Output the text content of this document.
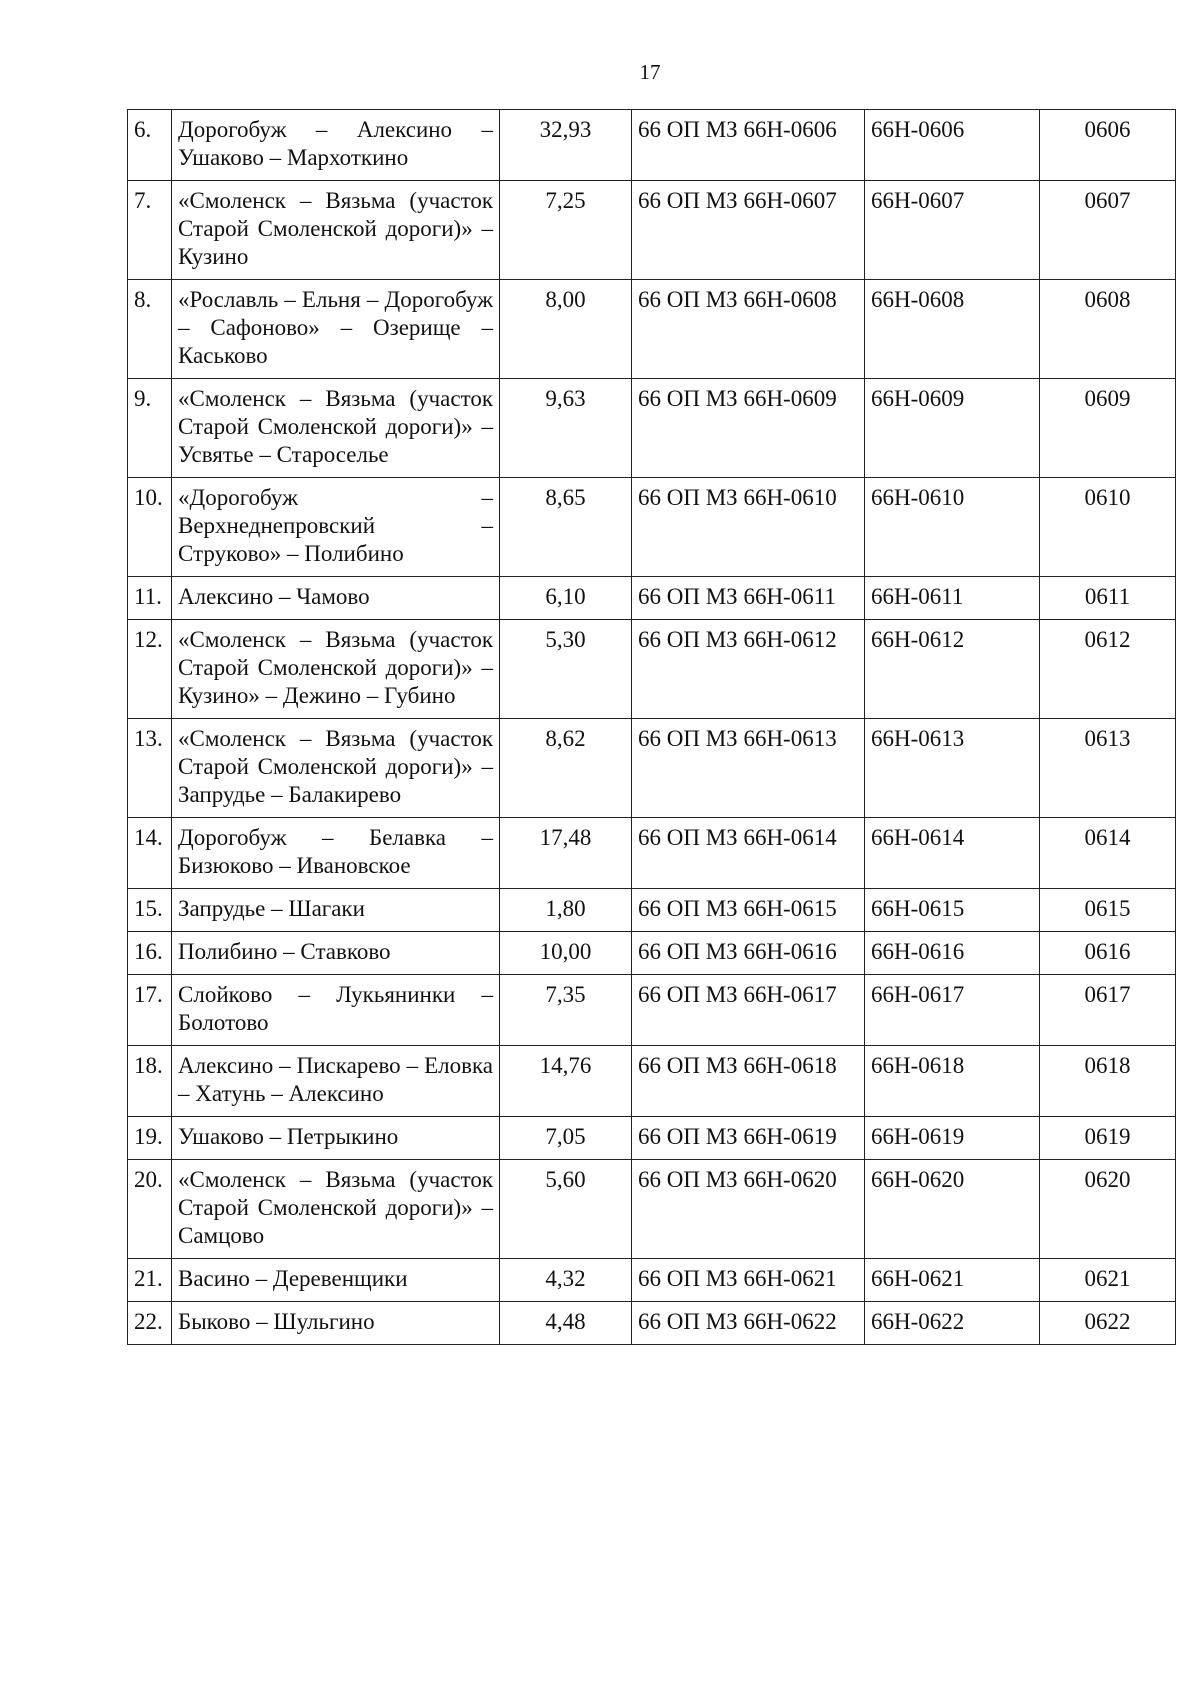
17
6.	Дорогобуж – Алексино – Ушаково – Мархоткино	32,93	66 ОП МЗ 66Н-0606	66Н-0606	0606
7.	«Смоленск – Вязьма (участок Старой Смоленской дороги)» – Кузино	7,25	66 ОП МЗ 66Н-0607	66Н-0607	0607
8.	«Рославль – Ельня – Дорогобуж – Сафоново» – Озерище – Каськово	8,00	66 ОП МЗ 66Н-0608	66Н-0608	0608
9.	«Смоленск – Вязьма (участок Старой Смоленской дороги)» – Усвятье – Староселье	9,63	66 ОП МЗ 66Н-0609	66Н-0609	0609
10.	«Дорогобуж – Верхнеднепровский – Струково» – Полибино	8,65	66 ОП МЗ 66Н-0610	66Н-0610	0610
11.	Алексино – Чамово	6,10	66 ОП МЗ 66Н-0611	66Н-0611	0611
12.	«Смоленск – Вязьма (участок Старой Смоленской дороги)» – Кузино» – Дежино – Губино	5,30	66 ОП МЗ 66Н-0612	66Н-0612	0612
13.	«Смоленск – Вязьма (участок Старой Смоленской дороги)» – Запрудье – Балакирево	8,62	66 ОП МЗ 66Н-0613	66Н-0613	0613
14.	Дорогобуж – Белавка – Бизюково – Ивановское	17,48	66 ОП МЗ 66Н-0614	66Н-0614	0614
15.	Запрудье – Шагаки	1,80	66 ОП МЗ 66Н-0615	66Н-0615	0615
16.	Полибино – Ставково	10,00	66 ОП МЗ 66Н-0616	66Н-0616	0616
17.	Слойково – Лукьянинки – Болотово	7,35	66 ОП МЗ 66Н-0617	66Н-0617	0617
18.	Алексино – Пискарево – Еловка – Хатунь – Алексино	14,76	66 ОП МЗ 66Н-0618	66Н-0618	0618
19.	Ушаково – Петрыкино	7,05	66 ОП МЗ 66Н-0619	66Н-0619	0619
20.	«Смоленск – Вязьма (участок Старой Смоленской дороги)» – Самцово	5,60	66 ОП МЗ 66Н-0620	66Н-0620	0620
21.	Васино – Деревенщики	4,32	66 ОП МЗ 66Н-0621	66Н-0621	0621
22.	Быково – Шульгино	4,48	66 ОП МЗ 66Н-0622	66Н-0622	0622
